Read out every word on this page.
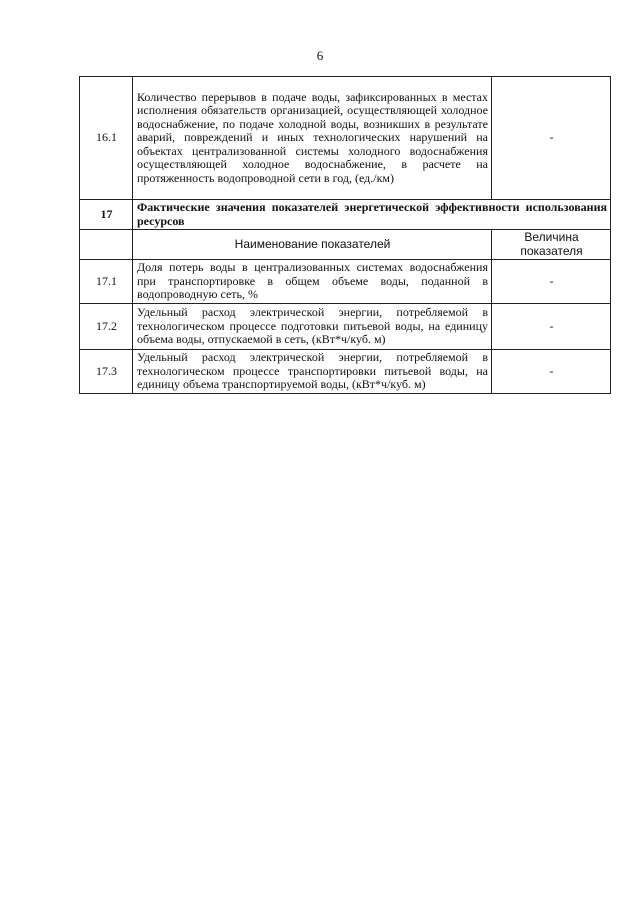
6
16.1	Количество перерывов в подаче воды, зафиксированных в местах исполнения обязательств организацией, осуществляющей холодное водоснабжение, по подаче холодной воды, возникших в результате аварий, повреждений и иных технологических нарушений на объектах централизованной системы холодного водоснабжения осуществляющей холодное водоснабжение, в расчете на протяженность водопроводной сети в год, (ед./км)	-
17	Фактические значения показателей энергетической эффективности использования ресурсов	
	Наименование показателей	Величина показателя
17.1	Доля потерь воды в централизованных системах водоснабжения при транспортировке в общем объеме воды, поданной в водопроводную сеть, %	-
17.2	Удельный расход электрической энергии, потребляемой в технологическом процессе подготовки питьевой воды, на единицу объема воды, отпускаемой в сеть, (кВт*ч/куб. м)	-
17.3	Удельный расход электрической энергии, потребляемой в технологическом процессе транспортировки питьевой воды, на единицу объема транспортируемой воды, (кВт*ч/куб. м)	-
